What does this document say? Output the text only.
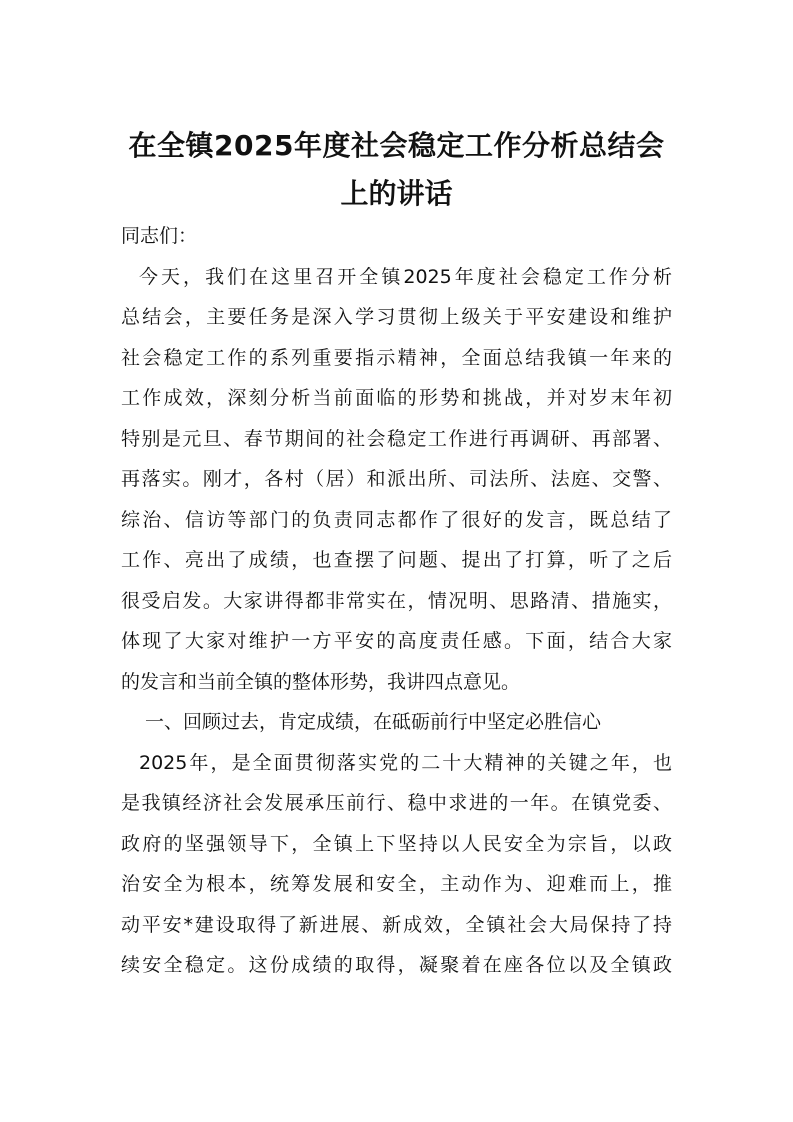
在全镇2025年度社会稳定工作分析总结会
上的讲话
同志们：
今天，我们在这里召开全镇2025年度社会稳定工作分析
总结会，主要任务是深入学习贯彻上级关于平安建设和维护
社会稳定工作的系列重要指示精神，全面总结我镇一年来的
工作成效，深刻分析当前面临的形势和挑战，并对岁末年初
特别是元旦、春节期间的社会稳定工作进行再调研、再部署、
再落实。刚才，各村（居）和派出所、司法所、法庭、交警、
综治、信访等部门的负责同志都作了很好的发言，既总结了
工作、亮出了成绩，也查摆了问题、提出了打算，听了之后
很受启发。大家讲得都非常实在，情况明、思路清、措施实，
体现了大家对维护一方平安的高度责任感。下面，结合大家
的发言和当前全镇的整体形势，我讲四点意见。
一、回顾过去，肯定成绩，在砥砺前行中坚定必胜信心
2025年，是全面贯彻落实党的二十大精神的关键之年，也
是我镇经济社会发展承压前行、稳中求进的一年。在镇党委、
政府的坚强领导下，全镇上下坚持以人民安全为宗旨，以政
治安全为根本，统筹发展和安全，主动作为、迎难而上，推
动平安*建设取得了新进展、新成效，全镇社会大局保持了持
续安全稳定。这份成绩的取得，凝聚着在座各位以及全镇政
